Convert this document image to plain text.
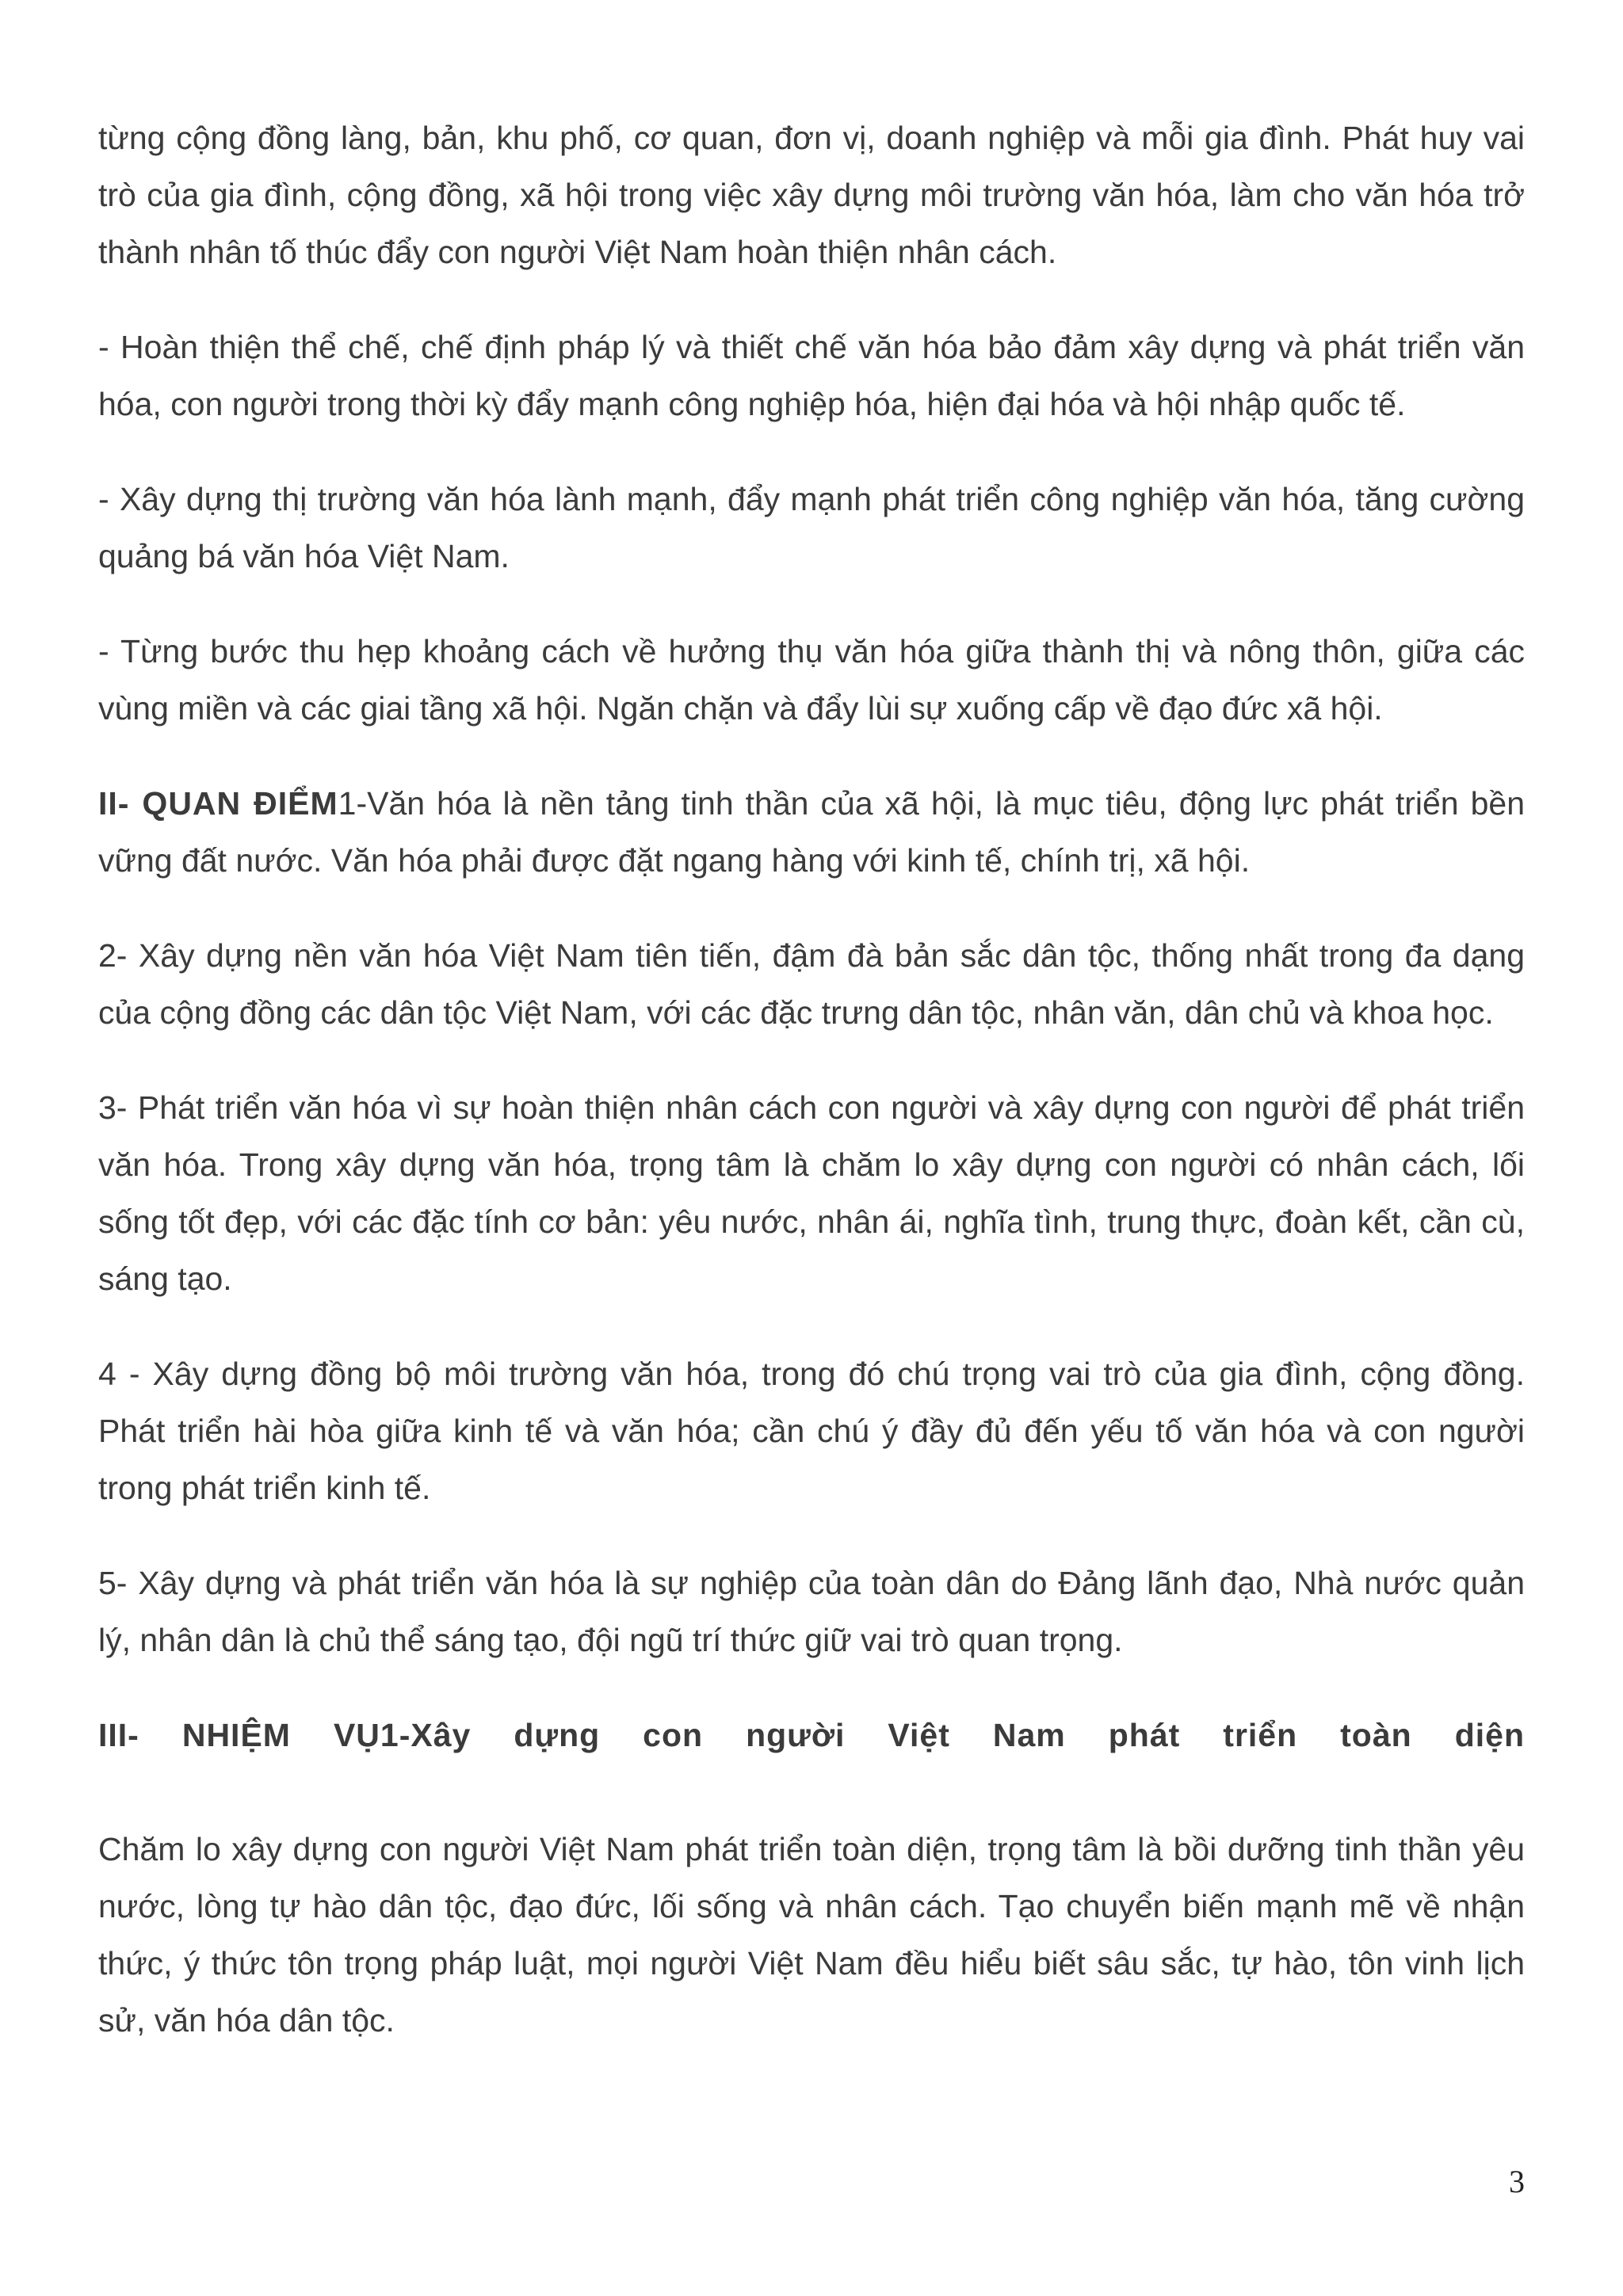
từng cộng đồng làng, bản, khu phố, cơ quan, đơn vị, doanh nghiệp và mỗi gia đình. Phát huy vai trò của gia đình, cộng đồng, xã hội trong việc xây dựng môi trường văn hóa, làm cho văn hóa trở thành nhân tố thúc đẩy con người Việt Nam hoàn thiện nhân cách.

- Hoàn thiện thể chế, chế định pháp lý và thiết chế văn hóa bảo đảm xây dựng và phát triển văn hóa, con người trong thời kỳ đẩy mạnh công nghiệp hóa, hiện đại hóa và hội nhập quốc tế.

- Xây dựng thị trường văn hóa lành mạnh, đẩy mạnh phát triển công nghiệp văn hóa, tăng cường quảng bá văn hóa Việt Nam.

- Từng bước thu hẹp khoảng cách về hưởng thụ văn hóa giữa thành thị và nông thôn, giữa các vùng miền và các giai tầng xã hội. Ngăn chặn và đẩy lùi sự xuống cấp về đạo đức xã hội.

II- QUAN ĐIỂM1-Văn hóa là nền tảng tinh thần của xã hội, là mục tiêu, động lực phát triển bền vững đất nước. Văn hóa phải được đặt ngang hàng với kinh tế, chính trị, xã hội.

2- Xây dựng nền văn hóa Việt Nam tiên tiến, đậm đà bản sắc dân tộc, thống nhất trong đa dạng của cộng đồng các dân tộc Việt Nam, với các đặc trưng dân tộc, nhân văn, dân chủ và khoa học.

3- Phát triển văn hóa vì sự hoàn thiện nhân cách con người và xây dựng con người để phát triển văn hóa. Trong xây dựng văn hóa, trọng tâm là chăm lo xây dựng con người có nhân cách, lối sống tốt đẹp, với các đặc tính cơ bản: yêu nước, nhân ái, nghĩa tình, trung thực, đoàn kết, cần cù, sáng tạo.

4 - Xây dựng đồng bộ môi trường văn hóa, trong đó chú trọng vai trò của gia đình, cộng đồng. Phát triển hài hòa giữa kinh tế và văn hóa; cần chú ý đầy đủ đến yếu tố văn hóa và con người trong phát triển kinh tế.

5- Xây dựng và phát triển văn hóa là sự nghiệp của toàn dân do Đảng lãnh đạo, Nhà nước quản lý, nhân dân là chủ thể sáng tạo, đội ngũ trí thức giữ vai trò quan trọng.

III- NHIỆM VỤ1-Xây dựng con người Việt Nam phát triển toàn diện

Chăm lo xây dựng con người Việt Nam phát triển toàn diện, trọng tâm là bồi dưỡng tinh thần yêu nước, lòng tự hào dân tộc, đạo đức, lối sống và nhân cách. Tạo chuyển biến mạnh mẽ về nhận thức, ý thức tôn trọng pháp luật, mọi người Việt Nam đều hiểu biết sâu sắc, tự hào, tôn vinh lịch sử, văn hóa dân tộc.

3
